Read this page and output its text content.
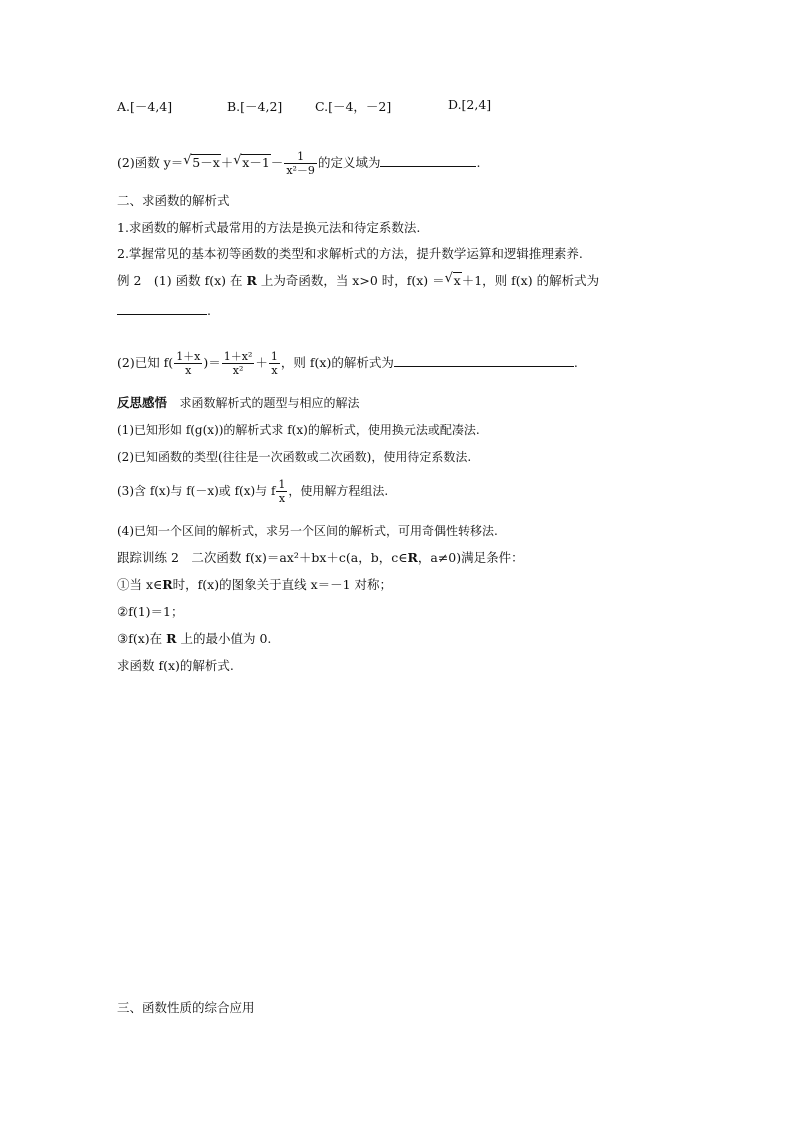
A.[－4,4]	B.[－4,2]	C.[－4，－2]	D.[2,4]
(2)函数 y＝ √ 5－x＋ √ $x-1- \frac{1}{\text{x²－9}}$ 的定义域为	.
二、求函数的解析式
1.求函数的解析式最常用的方法是换元法和待定系数法.
2.掌握常见的基本初等函数的类型和求解析式的方法，提升数学运算和逻辑推理素养.
例 2　(1) 函数 f(x) 在 R 上为奇函数，当 x>0 时，f(x) ＝ √ x＋1，则 f(x) 的解析式为
.
(2)已知 $f( \frac{1+x}{x}$ )＝ $\frac{\text{1＋x²}}{\text{x²}} + \frac{1}{x}$ ，则 f(x)的解析式为	.
反思感悟　 求函数解析式的题型与相应的解法
(1)已知形如 f(g(x))的解析式求 f(x)的解析式，使用换元法或配凑法.
(2)已知函数的类型(往往是一次函数或二次函数)，使用待定系数法.
(3)含 f(x)与 f(－x)或 f(x)与 f $\frac{1}{x}$ ，使用解方程组法.
(4)已知一个区间的解析式，求另一个区间的解析式，可用奇偶性转移法.
跟踪训练 2　二次函数 f(x)＝ax²＋bx＋c(a，b，c∈R，a≠0)满足条件：
①当 x∈R时，f(x)的图象关于直线 x＝－1 对称；
②f(1)＝1；
③f(x)在 R 上的最小值为 0.
求函数 f(x)的解析式.
三、函数性质的综合应用
